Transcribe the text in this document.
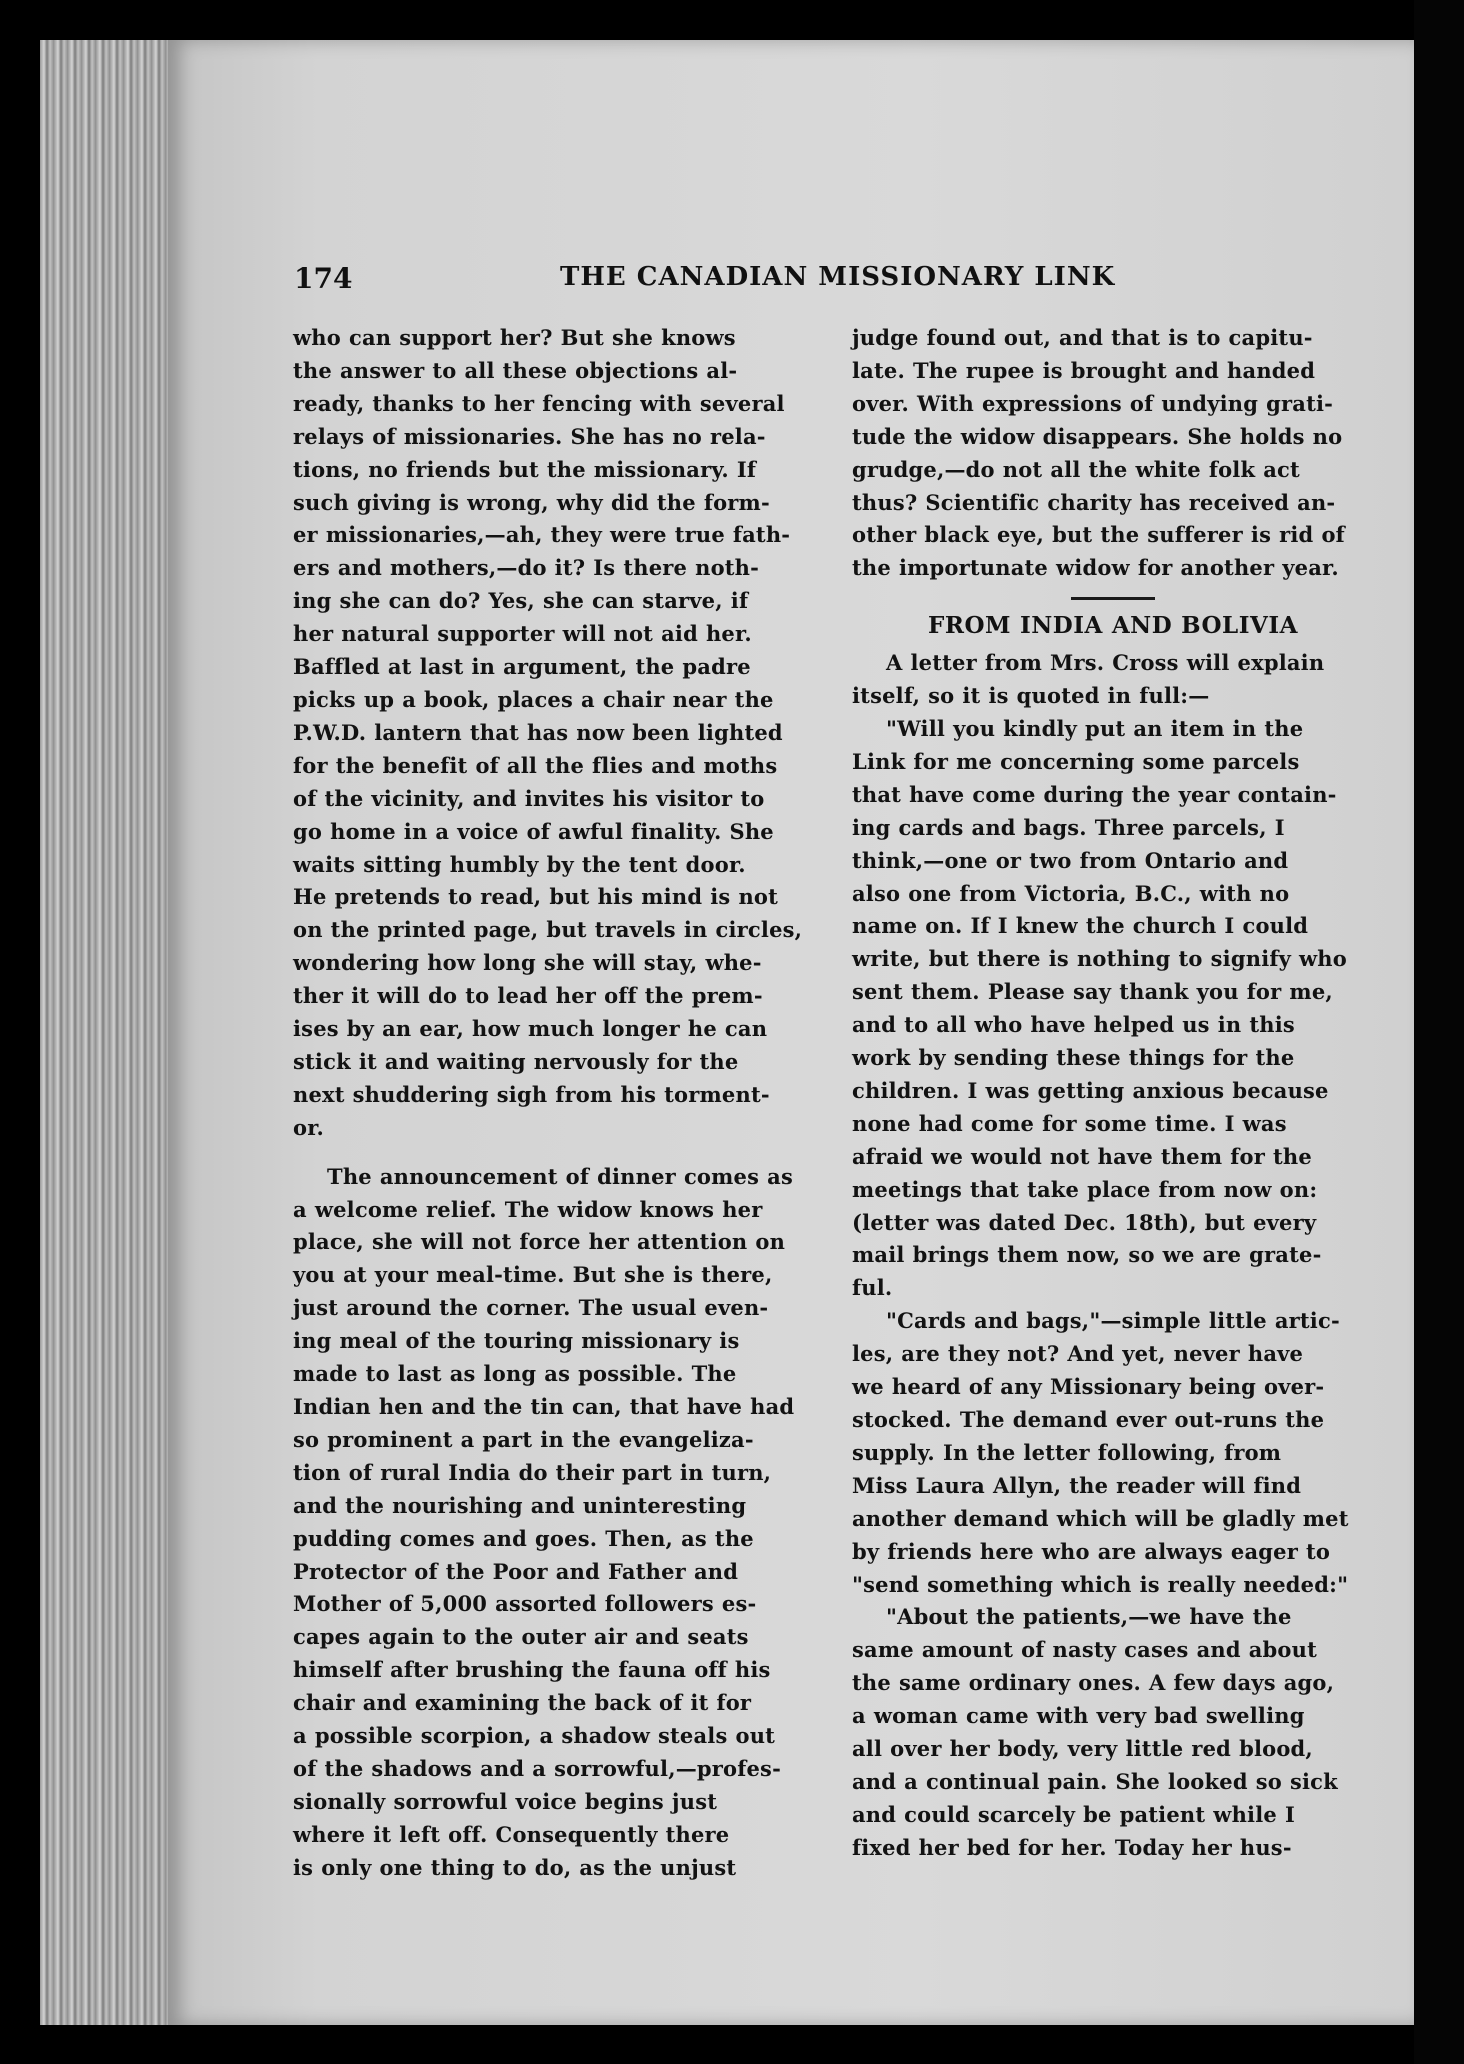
174	THE CANADIAN MISSIONARY LINK

who can support her? But she knows
the answer to all these objections al-
ready, thanks to her fencing with several
relays of missionaries. She has no rela-
tions, no friends but the missionary. If
such giving is wrong, why did the form-
er missionaries,—ah, they were true fath-
ers and mothers,—do it? Is there noth-
ing she can do? Yes, she can starve, if
her natural supporter will not aid her.
Baffled at last in argument, the padre
picks up a book, places a chair near the
P.W.D. lantern that has now been lighted
for the benefit of all the flies and moths
of the vicinity, and invites his visitor to
go home in a voice of awful finality. She
waits sitting humbly by the tent door.
He pretends to read, but his mind is not
on the printed page, but travels in circles,
wondering how long she will stay, whe-
ther it will do to lead her off the prem-
ises by an ear, how much longer he can
stick it and waiting nervously for the
next shuddering sigh from his torment-
or.

The announcement of dinner comes as
a welcome relief. The widow knows her
place, she will not force her attention on
you at your meal-time. But she is there,
just around the corner. The usual even-
ing meal of the touring missionary is
made to last as long as possible. The
Indian hen and the tin can, that have had
so prominent a part in the evangeliza-
tion of rural India do their part in turn,
and the nourishing and uninteresting
pudding comes and goes. Then, as the
Protector of the Poor and Father and
Mother of 5,000 assorted followers es-
capes again to the outer air and seats
himself after brushing the fauna off his
chair and examining the back of it for
a possible scorpion, a shadow steals out
of the shadows and a sorrowful,—profes-
sionally sorrowful voice begins just
where it left off. Consequently there
is only one thing to do, as the unjust

judge found out, and that is to capitu-
late. The rupee is brought and handed
over. With expressions of undying grati-
tude the widow disappears. She holds no
grudge,—do not all the white folk act
thus? Scientific charity has received an-
other black eye, but the sufferer is rid of
the importunate widow for another year.

FROM INDIA AND BOLIVIA

A letter from Mrs. Cross will explain
itself, so it is quoted in full:—

"Will you kindly put an item in the
Link for me concerning some parcels
that have come during the year contain-
ing cards and bags. Three parcels, I
think,—one or two from Ontario and
also one from Victoria, B.C., with no
name on. If I knew the church I could
write, but there is nothing to signify who
sent them. Please say thank you for me,
and to all who have helped us in this
work by sending these things for the
children. I was getting anxious because
none had come for some time. I was
afraid we would not have them for the
meetings that take place from now on:
(letter was dated Dec. 18th), but every
mail brings them now, so we are grate-
ful.

"Cards and bags,"—simple little artic-
les, are they not? And yet, never have
we heard of any Missionary being over-
stocked. The demand ever out-runs the
supply. In the letter following, from
Miss Laura Allyn, the reader will find
another demand which will be gladly met
by friends here who are always eager to
"send something which is really needed:"

"About the patients,—we have the
same amount of nasty cases and about
the same ordinary ones. A few days ago,
a woman came with very bad swelling
all over her body, very little red blood,
and a continual pain. She looked so sick
and could scarcely be patient while I
fixed her bed for her. Today her hus-
